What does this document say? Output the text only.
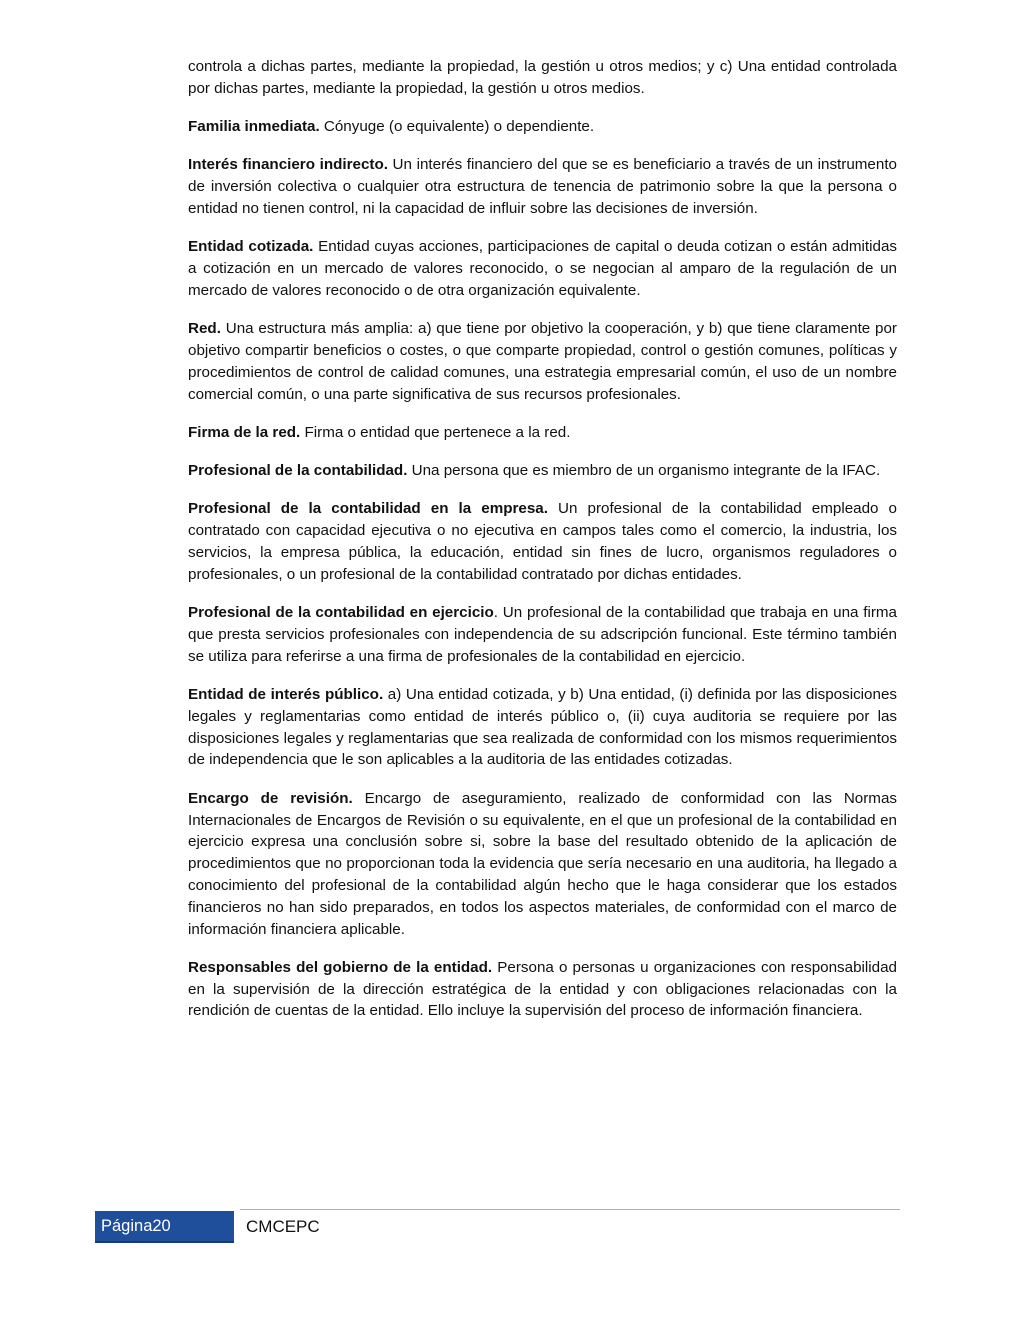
controla a dichas partes, mediante la propiedad, la gestión u otros medios; y c) Una entidad controlada por dichas partes, mediante la propiedad, la gestión u otros medios.

Familia inmediata. Cónyuge (o equivalente) o dependiente.

Interés financiero indirecto. Un interés financiero del que se es beneficiario a través de un instrumento de inversión colectiva o cualquier otra estructura de tenencia de patrimonio sobre la que la persona o entidad no tienen control, ni la capacidad de influir sobre las decisiones de inversión.

Entidad cotizada. Entidad cuyas acciones, participaciones de capital o deuda cotizan o están admitidas a cotización en un mercado de valores reconocido, o se negocian al amparo de la regulación de un mercado de valores reconocido o de otra organización equivalente.

Red. Una estructura más amplia: a) que tiene por objetivo la cooperación, y b) que tiene claramente por objetivo compartir beneficios o costes, o que comparte propiedad, control o gestión comunes, políticas y procedimientos de control de calidad comunes, una estrategia empresarial común, el uso de un nombre comercial común, o una parte significativa de sus recursos profesionales.

Firma de la red. Firma o entidad que pertenece a la red.

Profesional de la contabilidad. Una persona que es miembro de un organismo integrante de la IFAC.

Profesional de la contabilidad en la empresa. Un profesional de la contabilidad empleado o contratado con capacidad ejecutiva o no ejecutiva en campos tales como el comercio, la industria, los servicios, la empresa pública, la educación, entidad sin fines de lucro, organismos reguladores o profesionales, o un profesional de la contabilidad contratado por dichas entidades.

Profesional de la contabilidad en ejercicio. Un profesional de la contabilidad que trabaja en una firma que presta servicios profesionales con independencia de su adscripción funcional. Este término también se utiliza para referirse a una firma de profesionales de la contabilidad en ejercicio.

Entidad de interés público. a) Una entidad cotizada, y b) Una entidad, (i) definida por las disposiciones legales y reglamentarias como entidad de interés público o, (ii) cuya auditoria se requiere por las disposiciones legales y reglamentarias que sea realizada de conformidad con los mismos requerimientos de independencia que le son aplicables a la auditoria de las entidades cotizadas.

Encargo de revisión. Encargo de aseguramiento, realizado de conformidad con las Normas Internacionales de Encargos de Revisión o su equivalente, en el que un profesional de la contabilidad en ejercicio expresa una conclusión sobre si, sobre la base del resultado obtenido de la aplicación de procedimientos que no proporcionan toda la evidencia que sería necesario en una auditoria, ha llegado a conocimiento del profesional de la contabilidad algún hecho que le haga considerar que los estados financieros no han sido preparados, en todos los aspectos materiales, de conformidad con el marco de información financiera aplicable.

Responsables del gobierno de la entidad. Persona o personas u organizaciones con responsabilidad en la supervisión de la dirección estratégica de la entidad y con obligaciones relacionadas con la rendición de cuentas de la entidad. Ello incluye la supervisión del proceso de información financiera.

Página20	CMCEPC
